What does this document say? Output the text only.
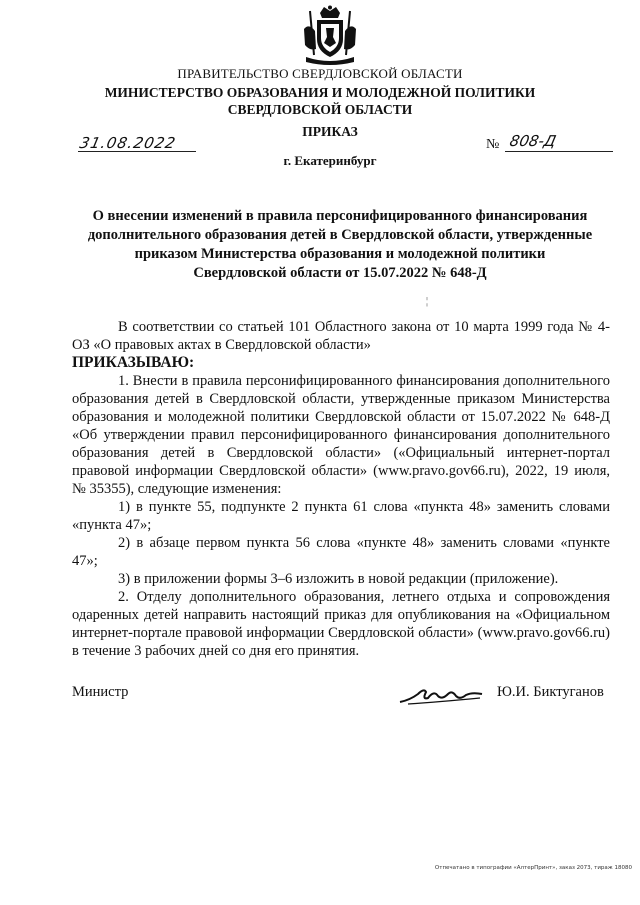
ПРАВИТЕЛЬСТВО СВЕРДЛОВСКОЙ ОБЛАСТИ
МИНИСТЕРСТВО ОБРАЗОВАНИЯ И МОЛОДЕЖНОЙ ПОЛИТИКИ
СВЕРДЛОВСКОЙ ОБЛАСТИ
ПРИКАЗ
31.08.2022	№ 808-Д
г. Екатеринбург
О внесении изменений в правила персонифицированного финансирования
дополнительного образования детей в Свердловской области, утвержденные
приказом Министерства образования и молодежной политики
Свердловской области от 15.07.2022 № 648-Д
¦

В соответствии со статьей 101 Областного закона от 10 марта 1999 года № 4-ОЗ «О правовых актах в Свердловской области»

ПРИКАЗЫВАЮ:

1. Внести в правила персонифицированного финансирования дополнительного образования детей в Свердловской области, утвержденные приказом Министерства образования и молодежной политики Свердловской области от 15.07.2022 № 648-Д «Об утверждении правил персонифицированного финансирования дополнительного образования детей в Свердловской области» («Официальный интернет-портал правовой информации Свердловской области» (www.pravo.gov66.ru), 2022, 19 июля, № 35355), следующие изменения:

1) в пункте 55, подпункте 2 пункта 61 слова «пункта 48» заменить словами «пункта 47»;

2) в абзаце первом пункта 56 слова «пункте 48» заменить словами «пункте 47»;

3) в приложении формы 3–6 изложить в новой редакции (приложение).

2. Отделу дополнительного образования, летнего отдыха и сопровождения одаренных детей направить настоящий приказ для опубликования на «Официальном интернет-портале правовой информации Свердловской области» (www.pravo.gov66.ru) в течение 3 рабочих дней со дня его принятия.

Министр	Ю.И. Биктуганов
Отпечатано в типографии «АлтерПринт», заказ 2073, тираж 18080
